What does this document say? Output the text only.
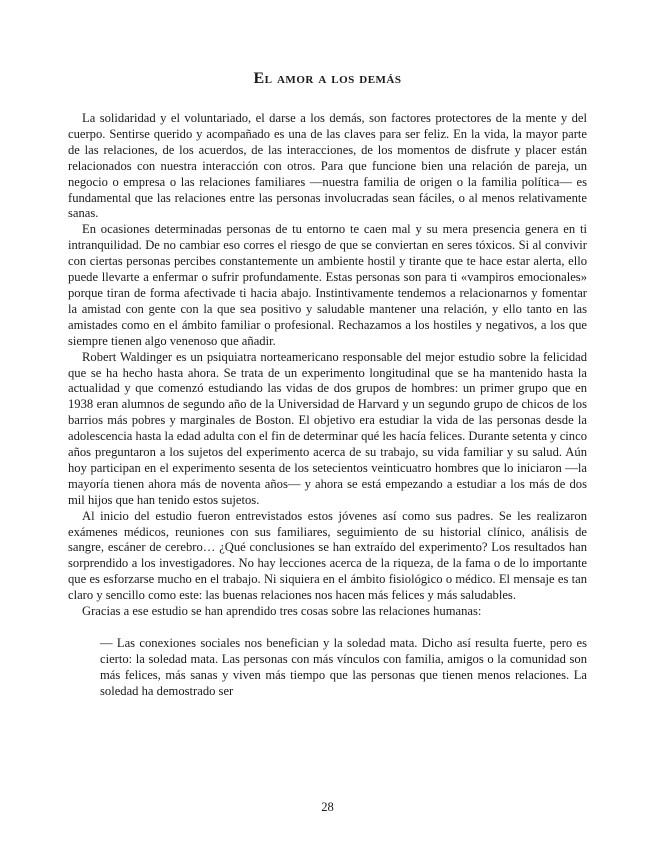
El amor a los demás

La solidaridad y el voluntariado, el darse a los demás, son factores protectores de la mente y del cuerpo. Sentirse querido y acompañado es una de las claves para ser feliz. En la vida, la mayor parte de las relaciones, de los acuerdos, de las interacciones, de los momentos de disfrute y placer están relacionados con nuestra interacción con otros. Para que funcione bien una relación de pareja, un negocio o empresa o las relaciones familiares —nuestra familia de origen o la familia política— es fundamental que las relaciones entre las personas involucradas sean fáciles, o al menos relativamente sanas.

En ocasiones determinadas personas de tu entorno te caen mal y su mera presencia genera en ti intranquilidad. De no cambiar eso corres el riesgo de que se conviertan en seres tóxicos. Si al convivir con ciertas personas percibes constantemente un ambiente hostil y tirante que te hace estar alerta, ello puede llevarte a enfermar o sufrir profundamente. Estas personas son para ti «vampiros emocionales» porque tiran de forma afectivade ti hacia abajo. Instintivamente tendemos a relacionarnos y fomentar la amistad con gente con la que sea positivo y saludable mantener una relación, y ello tanto en las amistades como en el ámbito familiar o profesional. Rechazamos a los hostiles y negativos, a los que siempre tienen algo venenoso que añadir.

Robert Waldinger es un psiquiatra norteamericano responsable del mejor estudio sobre la felicidad que se ha hecho hasta ahora. Se trata de un experimento longitudinal que se ha mantenido hasta la actualidad y que comenzó estudiando las vidas de dos grupos de hombres: un primer grupo que en 1938 eran alumnos de segundo año de la Universidad de Harvard y un segundo grupo de chicos de los barrios más pobres y marginales de Boston. El objetivo era estudiar la vida de las personas desde la adolescencia hasta la edad adulta con el fin de determinar qué les hacía felices. Durante setenta y cinco años preguntaron a los sujetos del experimento acerca de su trabajo, su vida familiar y su salud. Aún hoy participan en el experimento sesenta de los setecientos veinticuatro hombres que lo iniciaron —la mayoría tienen ahora más de noventa años— y ahora se está empezando a estudiar a los más de dos mil hijos que han tenido estos sujetos.

Al inicio del estudio fueron entrevistados estos jóvenes así como sus padres. Se les realizaron exámenes médicos, reuniones con sus familiares, seguimiento de su historial clínico, análisis de sangre, escáner de cerebro… ¿Qué conclusiones se han extraído del experimento? Los resultados han sorprendido a los investigadores. No hay lecciones acerca de la riqueza, de la fama o de lo importante que es esforzarse mucho en el trabajo. Ni siquiera en el ámbito fisiológico o médico. El mensaje es tan claro y sencillo como este: las buenas relaciones nos hacen más felices y más saludables.

Gracias a ese estudio se han aprendido tres cosas sobre las relaciones humanas:

— Las conexiones sociales nos benefician y la soledad mata. Dicho así resulta fuerte, pero es cierto: la soledad mata. Las personas con más vínculos con familia, amigos o la comunidad son más felices, más sanas y viven más tiempo que las personas que tienen menos relaciones. La soledad ha demostrado ser
28
